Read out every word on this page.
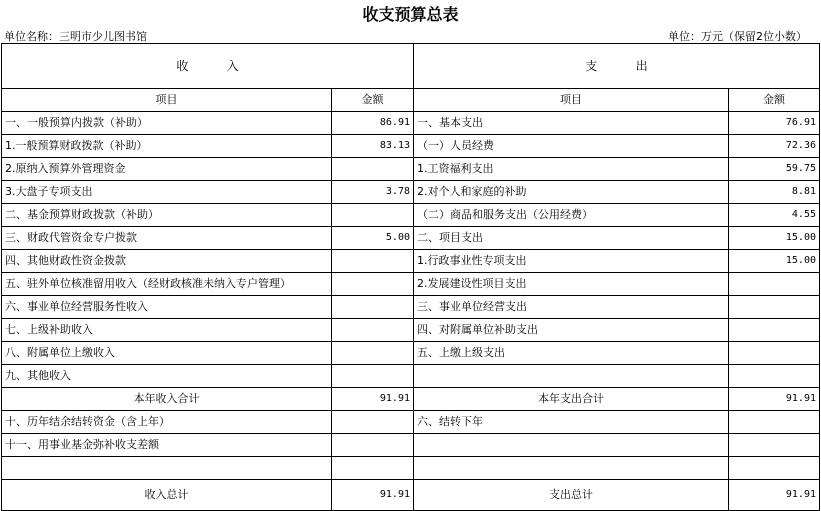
收支预算总表
单位名称：三明市少儿图书馆	单位：万元（保留2位小数）
收          入		支          出	
项目	金额	项目	金额
一、一般预算内拨款（补助）	86.91	一、基本支出	76.91
1.一般预算财政拨款（补助）	83.13	（一）人员经费	72.36
2.原纳入预算外管理资金		1.工资福利支出	59.75
3.大盘子专项支出	3.78	2.对个人和家庭的补助	8.81
二、基金预算财政拨款（补助）		（二）商品和服务支出（公用经费）	4.55
三、财政代管资金专户拨款	5.00	二、项目支出	15.00
四、其他财政性资金拨款		1.行政事业性专项支出	15.00
五、驻外单位核准留用收入（经财政核准未纳入专户管理）		2.发展建设性项目支出	
六、事业单位经营服务性收入		三、事业单位经营支出	
七、上级补助收入		四、对附属单位补助支出	
八、附属单位上缴收入		五、上缴上级支出	
九、其他收入			
本年收入合计	91.91	本年支出合计	91.91
十、历年结余结转资金（含上年）		六、结转下年	
十一、用事业基金弥补收支差额			

收入总计	91.91	支出总计	91.91
